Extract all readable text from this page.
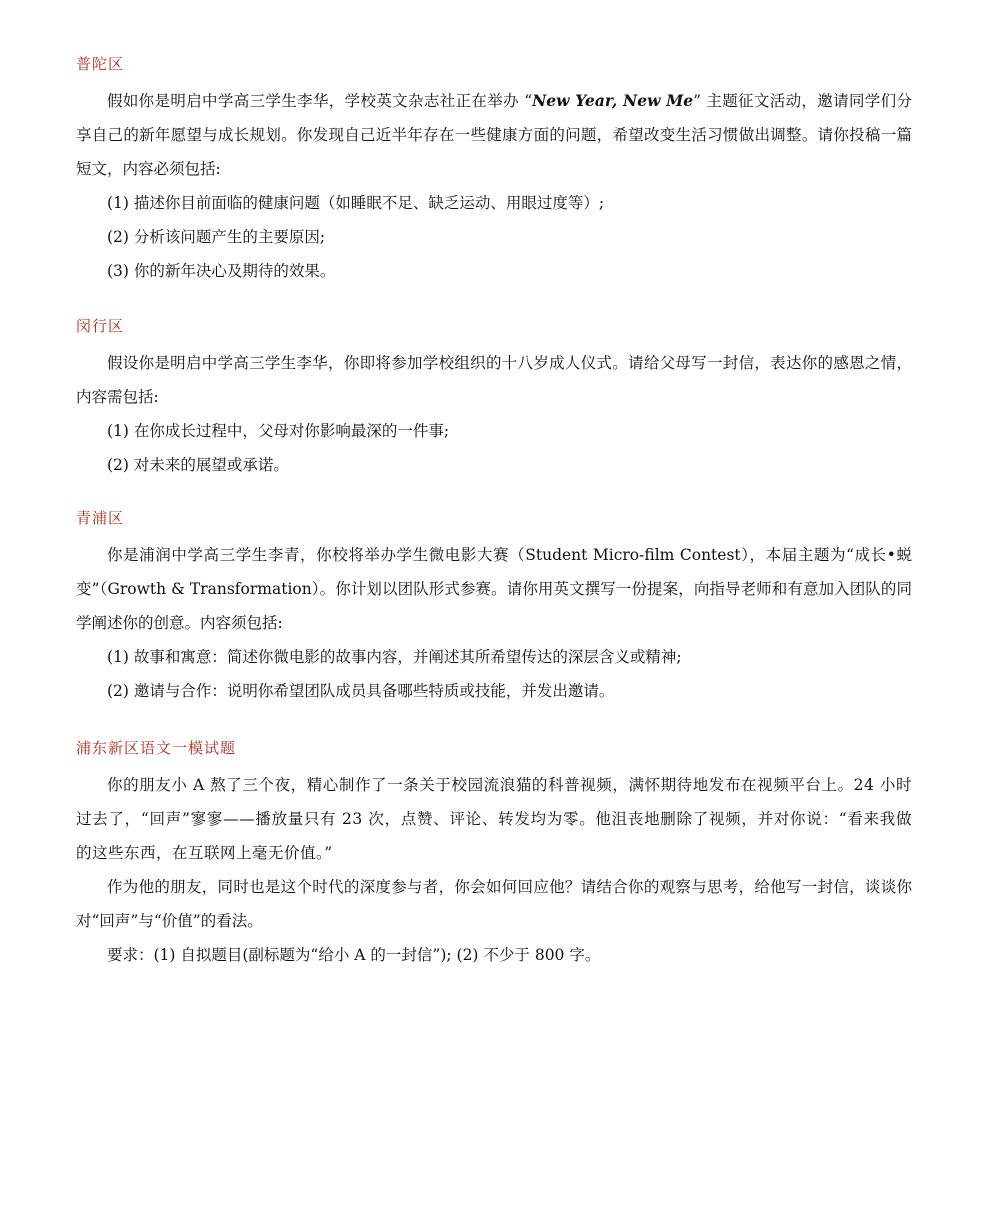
普陀区

假如你是明启中学高三学生李华，学校英文杂志社正在举办 “New Year, New Me” 主题征文活动，邀请同学们分享自己的新年愿望与成长规划。你发现自己近半年存在一些健康方面的问题，希望改变生活习惯做出调整。请你投稿一篇短文，内容必须包括:

(1) 描述你目前面临的健康问题（如睡眠不足、缺乏运动、用眼过度等）;

(2) 分析该问题产生的主要原因;

(3) 你的新年决心及期待的效果。

闵行区

假设你是明启中学高三学生李华，你即将参加学校组织的十八岁成人仪式。请给父母写一封信，表达你的感恩之情，内容需包括:

(1) 在你成长过程中，父母对你影响最深的一件事;

(2) 对未来的展望或承诺。

青浦区

你是浦润中学高三学生李青，你校将举办学生微电影大赛（Student Micro-film Contest），本届主题为“成长•蜕变”（Growth & Transformation）。你计划以团队形式参赛。请你用英文撰写一份提案，向指导老师和有意加入团队的同学阐述你的创意。内容须包括:

(1) 故事和寓意：简述你微电影的故事内容，并阐述其所希望传达的深层含义或精神;

(2) 邀请与合作：说明你希望团队成员具备哪些特质或技能，并发出邀请。

浦东新区语文一模试题

你的朋友小 A 熬了三个夜，精心制作了一条关于校园流浪猫的科普视频，满怀期待地发布在视频平台上。24 小时过去了，“回声”寥寥——播放量只有 23 次，点赞、评论、转发均为零。他沮丧地删除了视频，并对你说：“看来我做的这些东西，在互联网上毫无价值。”

作为他的朋友，同时也是这个时代的深度参与者，你会如何回应他？请结合你的观察与思考，给他写一封信，谈谈你对“回声”与“价值”的看法。

要求：(1) 自拟题目(副标题为“给小 A 的一封信”); (2) 不少于 800 字。
